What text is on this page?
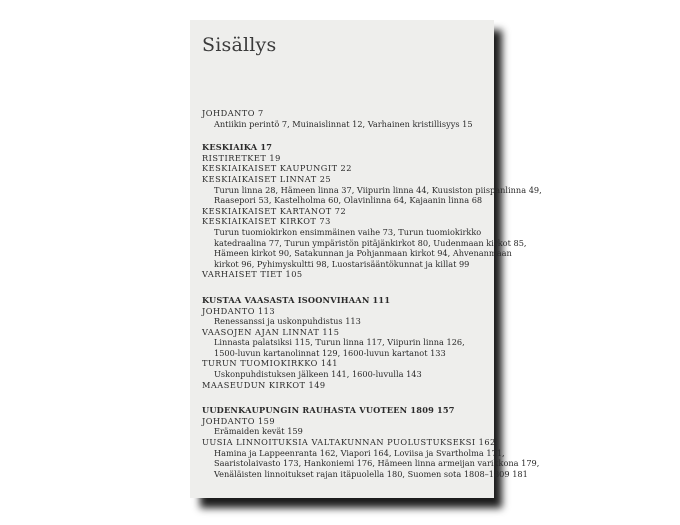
Sisällys
JOHDANTO 7
Antiikin perintö 7, Muinaislinnat 12, Varhainen kristillisyys 15
KESKIAIKA 17
RISTIRETKET 19
KESKIAIKAISET KAUPUNGIT 22
KESKIAIKAISET LINNAT 25
Turun linna 28, Hämeen linna 37, Viipurin linna 44, Kuusiston piispanlinna 49,
Raasepori 53, Kastelholma 60, Olavinlinna 64, Kajaanin linna 68
KESKIAIKAISET KARTANOT 72
KESKIAIKAISET KIRKOT 73
Turun tuomiokirkon ensimmäinen vaihe 73, Turun tuomiokirkko
katedraalina 77, Turun ympäristön pitäjänkirkot 80, Uudenmaan kirkot 85,
Hämeen kirkot 90, Satakunnan ja Pohjanmaan kirkot 94, Ahvenanmaan
kirkot 96, Pyhimyskultti 98, Luostarisääntökunnat ja killat 99
VARHAISET TIET 105
KUSTAA VAASASTA ISOONVIHAAN 111
JOHDANTO 113
Renessanssi ja uskonpuhdistus 113
VAASOJEN AJAN LINNAT 115
Linnasta palatsiksi 115, Turun linna 117, Viipurin linna 126,
1500-luvun kartanolinnat 129, 1600-luvun kartanot 133
TURUN TUOMIOKIRKKO 141
Uskonpuhdistuksen jälkeen 141, 1600-luvulla 143
MAASEUDUN KIRKOT 149
UUDENKAUPUNGIN RAUHASTA VUOTEEN 1809 157
JOHDANTO 159
Erämaiden kevät 159
UUSIA LINNOITUKSIA VALTAKUNNAN PUOLUSTUKSEKSI 162
Hamina ja Lappeenranta 162, Viapori 164, Loviisa ja Svartholma 171,
Saaristolaivasto 173, Hankoniemi 176, Hämeen linna armeijan varikkona 179,
Venäläisten linnoitukset rajan itäpuolella 180, Suomen sota 1808–1809 181
